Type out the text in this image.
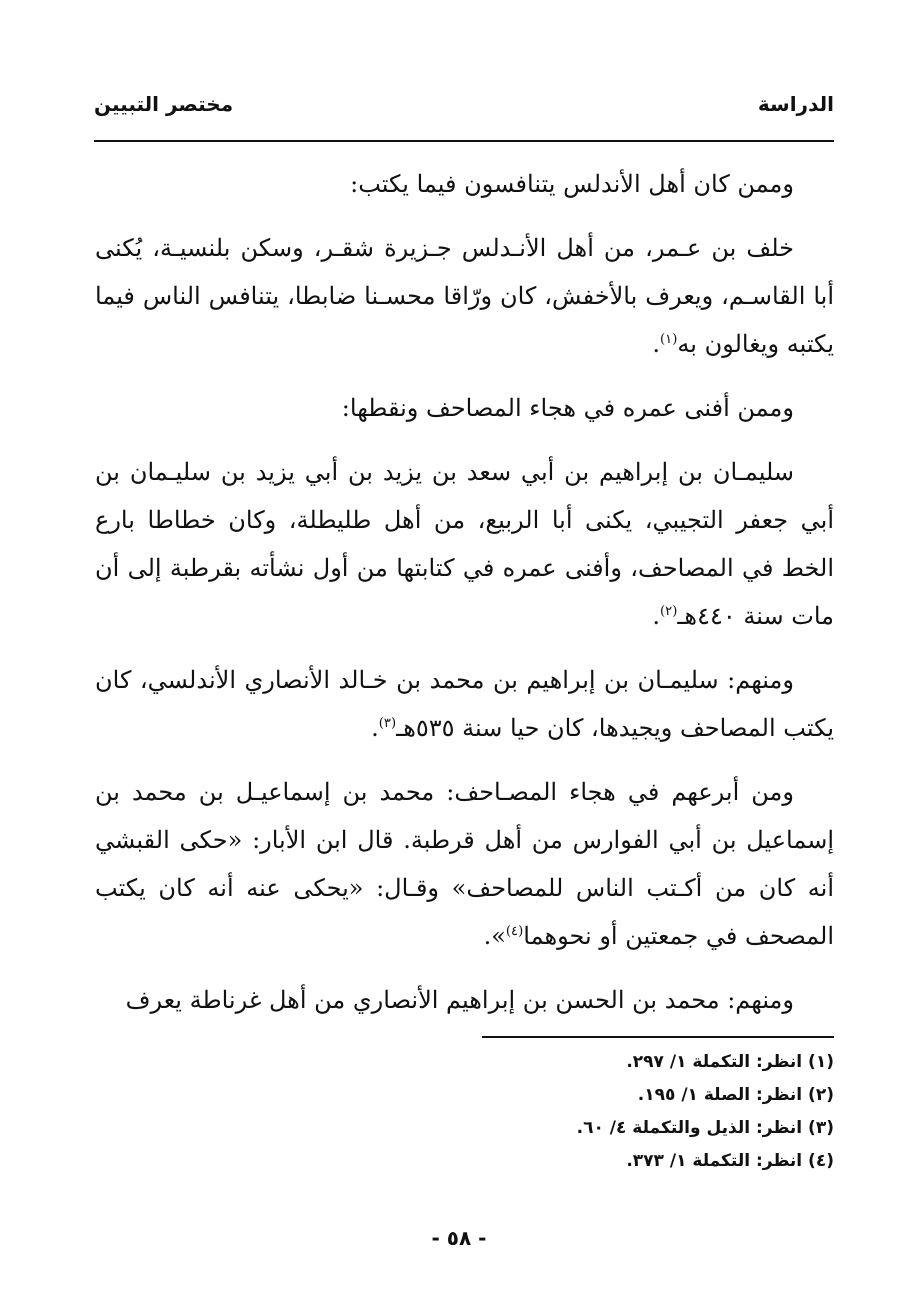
الدراسة
مختصر التبيين

وممن كان أهل الأندلس يتنافسون فيما يكتب:

خلف بن عـمر، من أهل الأنـدلس جـزيرة شقـر، وسكن بلنسيـة، يُكنى أبا القاسـم، ويعرف بالأخفش، كان ورّاقا محسـنا ضابطا، يتنافس الناس فيما يكتبه ويغالون به$^{(١)}$.

وممن أفنى عمره في هجاء المصاحف ونقطها:

سليمـان بن إبراهيم بن أبي سعد بن يزيد بن أبي يزيد بن سليـمان بن أبي جعفر التجيبي، يكنى أبا الربيع، من أهل طليطلة، وكان خطاطا بارع الخط في المصاحف، وأفنى عمره في كتابتها من أول نشأته بقرطبة إلى أن مات سنة ٤٤٠هـ$^{(٢)}$.

ومنهم: سليمـان بن إبراهيم بن محمد بن خـالد الأنصاري الأندلسي، كان يكتب المصاحف ويجيدها، كان حيا سنة ٥٣٥هـ$^{(٣)}$.

ومن أبرعهم في هجاء المصـاحف: محمد بن إسماعيـل بن محمد بن إسماعيل بن أبي الفوارس من أهل قرطبة. قال ابن الأبار: «حكى القبشي أنه كان من أكـتب الناس للمصاحف» وقـال: «يحكى عنه أنه كان يكتب المصحف في جمعتين أو نحوهما$^{(٤)}$».

ومنهم: محمد بن الحسن بن إبراهيم الأنصاري من أهل غرناطة يعرف

(١) انظر: التكملة ١/ ٢٩٧.
(٢) انظر: الصلة ١/ ١٩٥.
(٣) انظر: الذيل والتكملة ٤/ ٦٠.
(٤) انظر: التكملة ١/ ٣٧٣.
- ٥٨ -
